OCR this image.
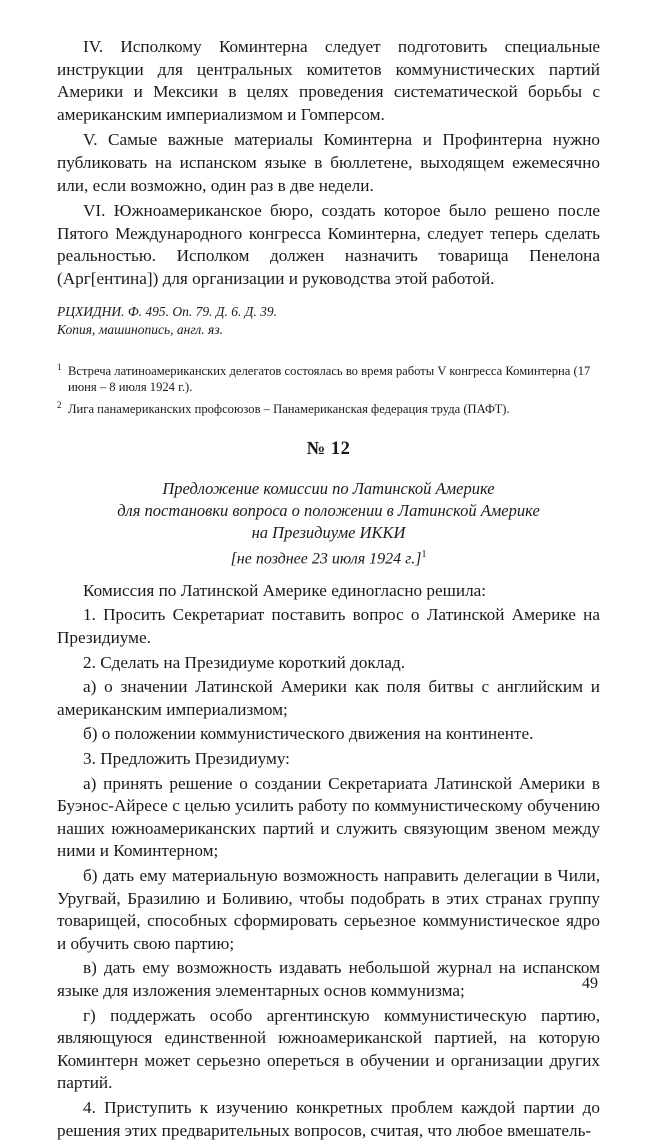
IV. Исполкому Коминтерна следует подготовить специальные инструкции для центральных комитетов коммунистических партий Америки и Мексики в целях проведения систематической борьбы с американским империализмом и Гомперсом.

V. Самые важные материалы Коминтерна и Профинтерна нужно публиковать на испанском языке в бюллетене, выходящем ежемесячно или, если возможно, один раз в две недели.

VI. Южноамериканское бюро, создать которое было решено после Пятого Международного конгресса Коминтерна, следует теперь сделать реальностью. Исполком должен назначить товарища Пенелона (Арг[ентина]) для организации и руководства этой работой.

РЦХИДНИ. Ф. 495. Оп. 79. Д. 6. Д. 39.

Копия, машинопись, англ. яз.

1 Встреча латиноамериканских делегатов состоялась во время работы V конгресса Коминтерна (17 июня – 8 июля 1924 г.).

2 Лига панамериканских профсоюзов – Панамериканская федерация труда (ПАФТ).

№ 12

Предложение комиссии по Латинской Америке

для постановки вопроса о положении в Латинской Америке

на Президиуме ИККИ

[не позднее 23 июля 1924 г.]$^1$

Комиссия по Латинской Америке единогласно решила:

1. Просить Секретариат поставить вопрос о Латинской Америке на Президиуме.

2. Сделать на Президиуме короткий доклад.

а) о значении Латинской Америки как поля битвы с английским и американским империализмом;

б) о положении коммунистического движения на континенте.

3. Предложить Президиуму:

а) принять решение о создании Секретариата Латинской Америки в Буэнос-Айресе с целью усилить работу по коммунистическому обучению наших южноамериканских партий и служить связующим звеном между ними и Коминтерном;

б) дать ему материальную возможность направить делегации в Чили, Уругвай, Бразилию и Боливию, чтобы подобрать в этих странах группу товарищей, способных сформировать серьезное коммунистическое ядро и обучить свою партию;

в) дать ему возможность издавать небольшой журнал на испанском языке для изложения элементарных основ коммунизма;

г) поддержать особо аргентинскую коммунистическую партию, являющуюся единственной южноамериканской партией, на которую Коминтерн может серьезно опереться в обучении и организации других партий.

4. Приступить к изучению конкретных проблем каждой партии до решения этих предварительных вопросов, считая, что любое вмешатель-

49
